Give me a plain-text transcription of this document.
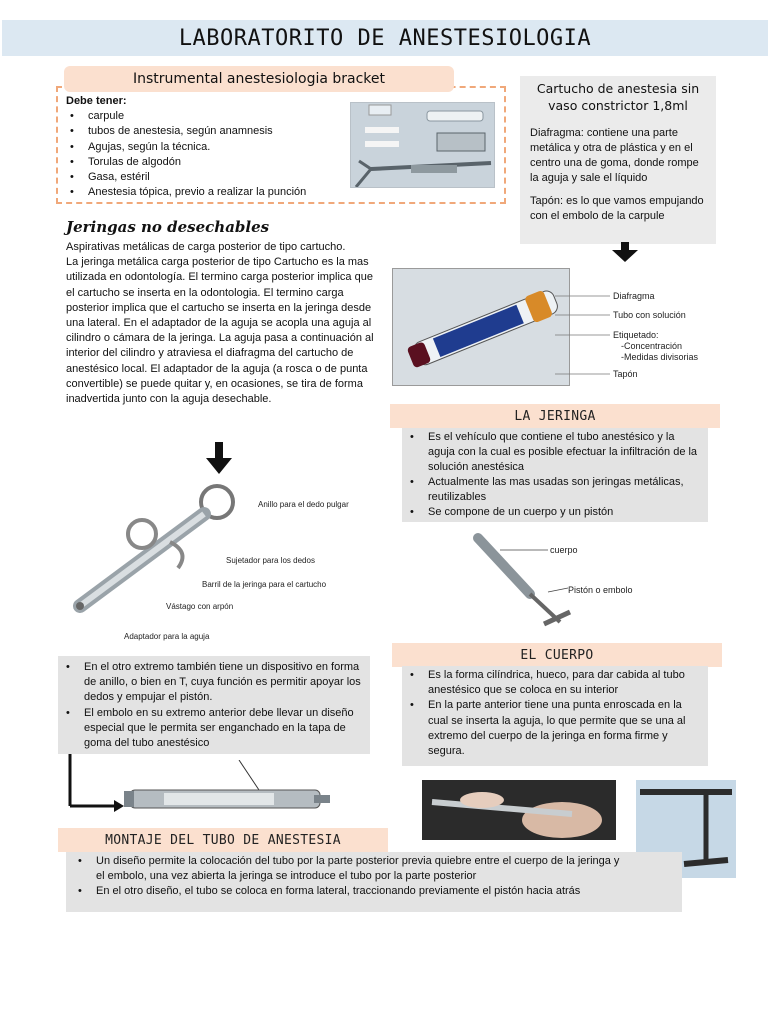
LABORATORITO DE ANESTESIOLOGIA
Instrumental anestesiologia bracket
Debe tener:
• carpule
• tubos de anestesia, según anamnesis
• Agujas, según la técnica.
• Torulas de algodón
• Gasa, estéril
• Anestesia tópica, previo a realizar la punción
Cartucho de anestesia sin vaso constrictor 1,8ml
Diafragma: contiene una parte metálica y otra de plástica y en el centro una de goma, donde rompe la aguja y sale el líquido
Tapón: es lo que vamos empujando con el embolo de la carpule
Diafragma
Tubo con solución
Etiquetado:
-Concentración
-Medidas divisorias
Tapón
Jeringas no desechables
Aspirativas metálicas de carga posterior de tipo cartucho.
La jeringa metálica carga posterior de tipo Cartucho es la mas utilizada en odontología. El termino carga posterior implica que el cartucho se inserta en la odontologia. El termino carga posterior implica que el cartucho se inserta en la jeringa desde una lateral. En el adaptador de la aguja se acopla una aguja al cilindro o cámara de la jeringa. La aguja pasa a continuación al interior del cilindro y atraviesa el diafragma del cartucho de anestésico local. El adaptador de la aguja (a rosca o de punta convertible) se puede quitar y, en ocasiones, se tira de forma inadvertida junto con la aguja desechable.
Anillo para el dedo pulgar
Sujetador para los dedos
Barril de la jeringa para el cartucho
Vástago con arpón
Adaptador para la aguja
LA JERINGA
• Es el vehículo que contiene el tubo anestésico y la aguja con la cual es posible efectuar la infiltración de la solución anestésica
• Actualmente las mas usadas son jeringas metálicas, reutilizables
• Se compone de un cuerpo y un pistón
cuerpo
Pistón o embolo
• En el otro extremo también tiene un dispositivo en forma de anillo, o bien en T, cuya función es permitir apoyar los dedos y empujar el pistón.
• El embolo en su extremo anterior debe llevar un diseño especial que le permita ser enganchado en la tapa de goma del tubo anestésico
EL CUERPO
• Es la forma cilíndrica, hueco, para dar cabida al tubo anestésico que se coloca en su interior
• En la parte anterior tiene una punta enroscada en la cual se inserta la aguja, lo que permite que se una al extremo del cuerpo de la jeringa en forma firme y segura.
MONTAJE DEL TUBO DE ANESTESIA
• Un diseño permite la colocación del tubo por la parte posterior previa quiebre entre el cuerpo de la jeringa y el embolo, una vez abierta la jeringa se introduce el tubo por la parte posterior
• En el otro diseño, el tubo se coloca en forma lateral, traccionando previamente el pistón hacia atrás
